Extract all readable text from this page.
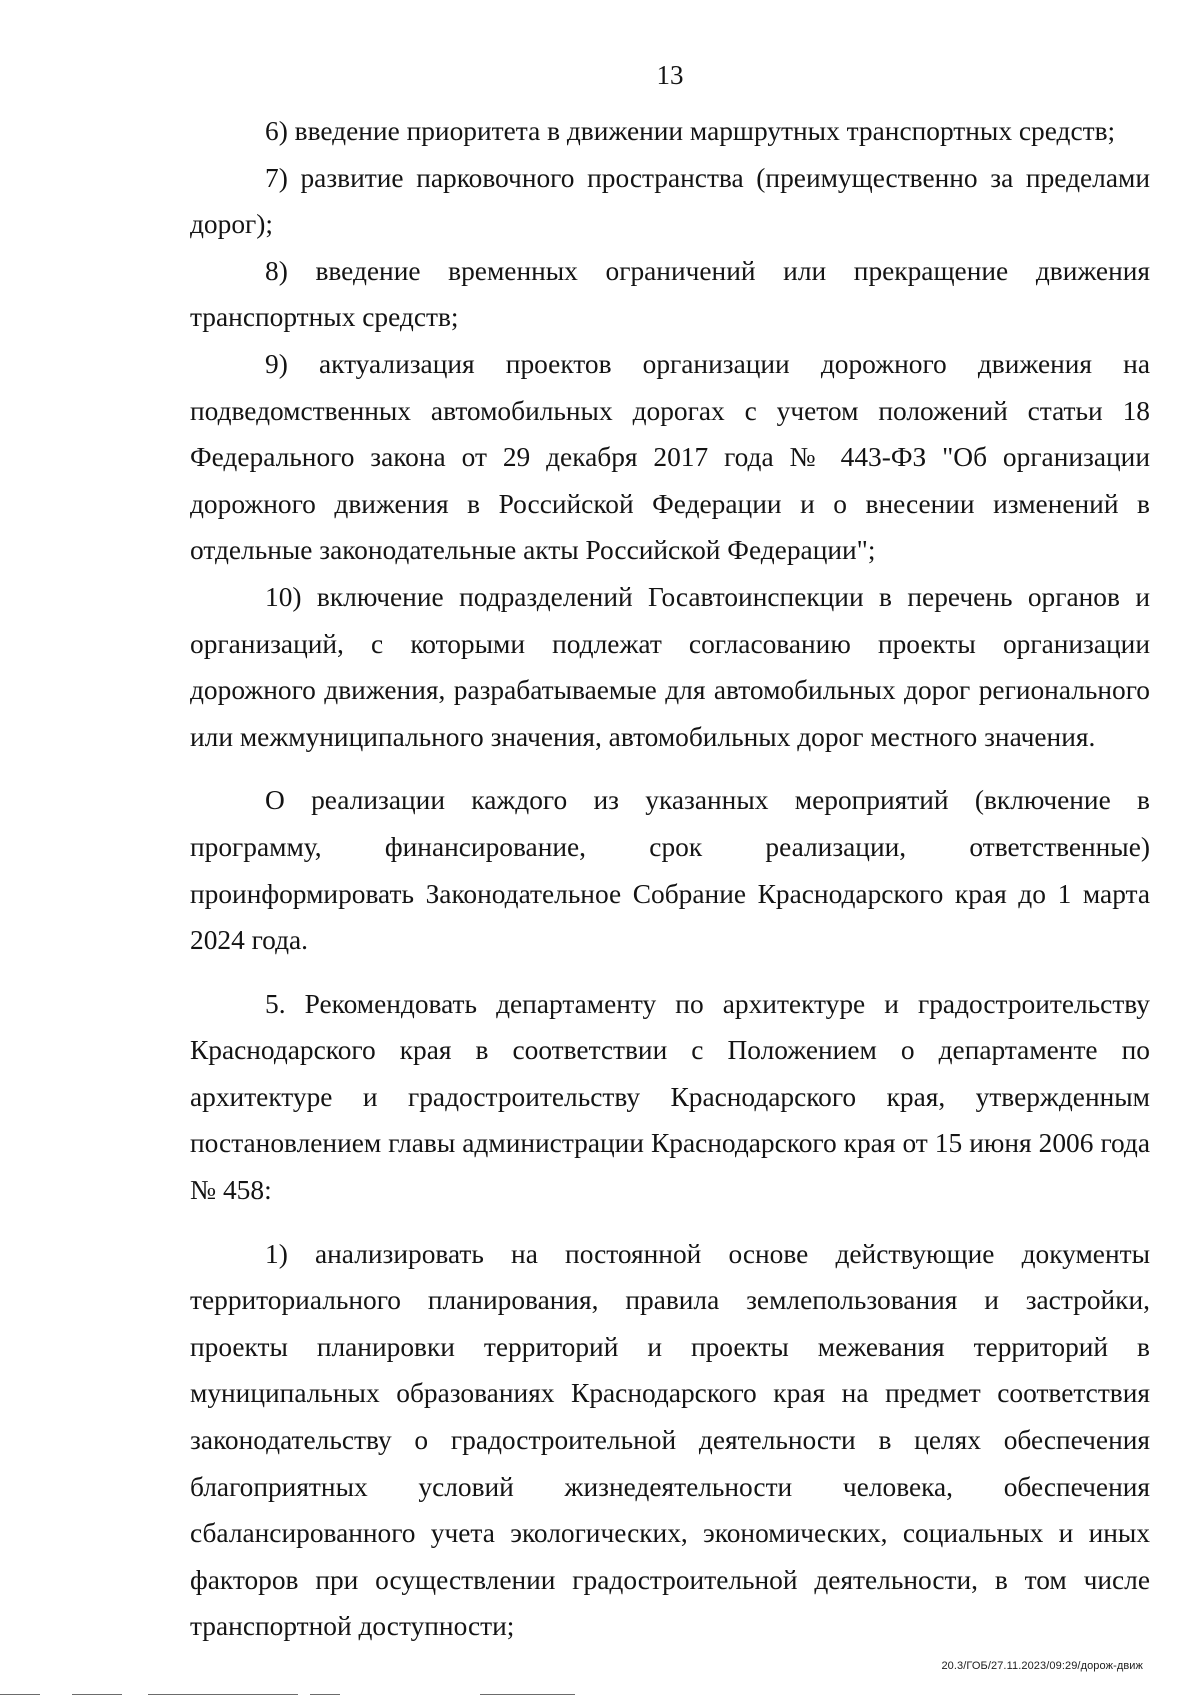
13

6) введение приоритета в движении маршрутных транспортных средств;

7) развитие парковочного пространства (преимущественно за пределами дорог);

8) введение временных ограничений или прекращение движения транспортных средств;

9) актуализация проектов организации дорожного движения на подведомственных автомобильных дорогах с учетом положений статьи 18 Федерального закона от 29 декабря 2017 года № 443-ФЗ "Об организации дорожного движения в Российской Федерации и о внесении изменений в отдельные законодательные акты Российской Федерации";

10) включение подразделений Госавтоинспекции в перечень органов и организаций, с которыми подлежат согласованию проекты организации дорожного движения, разрабатываемые для автомобильных дорог регионального или межмуниципального значения, автомобильных дорог местного значения.

О реализации каждого из указанных мероприятий (включение в программу, финансирование, срок реализации, ответственные) проинформировать Законодательное Собрание Краснодарского края до 1 марта 2024 года.

5. Рекомендовать департаменту по архитектуре и градостроительству Краснодарского края в соответствии с Положением о департаменте по архитектуре и градостроительству Краснодарского края, утвержденным постановлением главы администрации Краснодарского края от 15 июня 2006 года № 458:

1) анализировать на постоянной основе действующие документы территориального планирования, правила землепользования и застройки, проекты планировки территорий и проекты межевания территорий в муниципальных образованиях Краснодарского края на предмет соответствия законодательству о градостроительной деятельности в целях обеспечения благоприятных условий жизнедеятельности человека, обеспечения сбалансированного учета экологических, экономических, социальных и иных факторов при осуществлении градостроительной деятельности, в том числе транспортной доступности;

20.3/ГОБ/27.11.2023/09:29/дорож-движ
